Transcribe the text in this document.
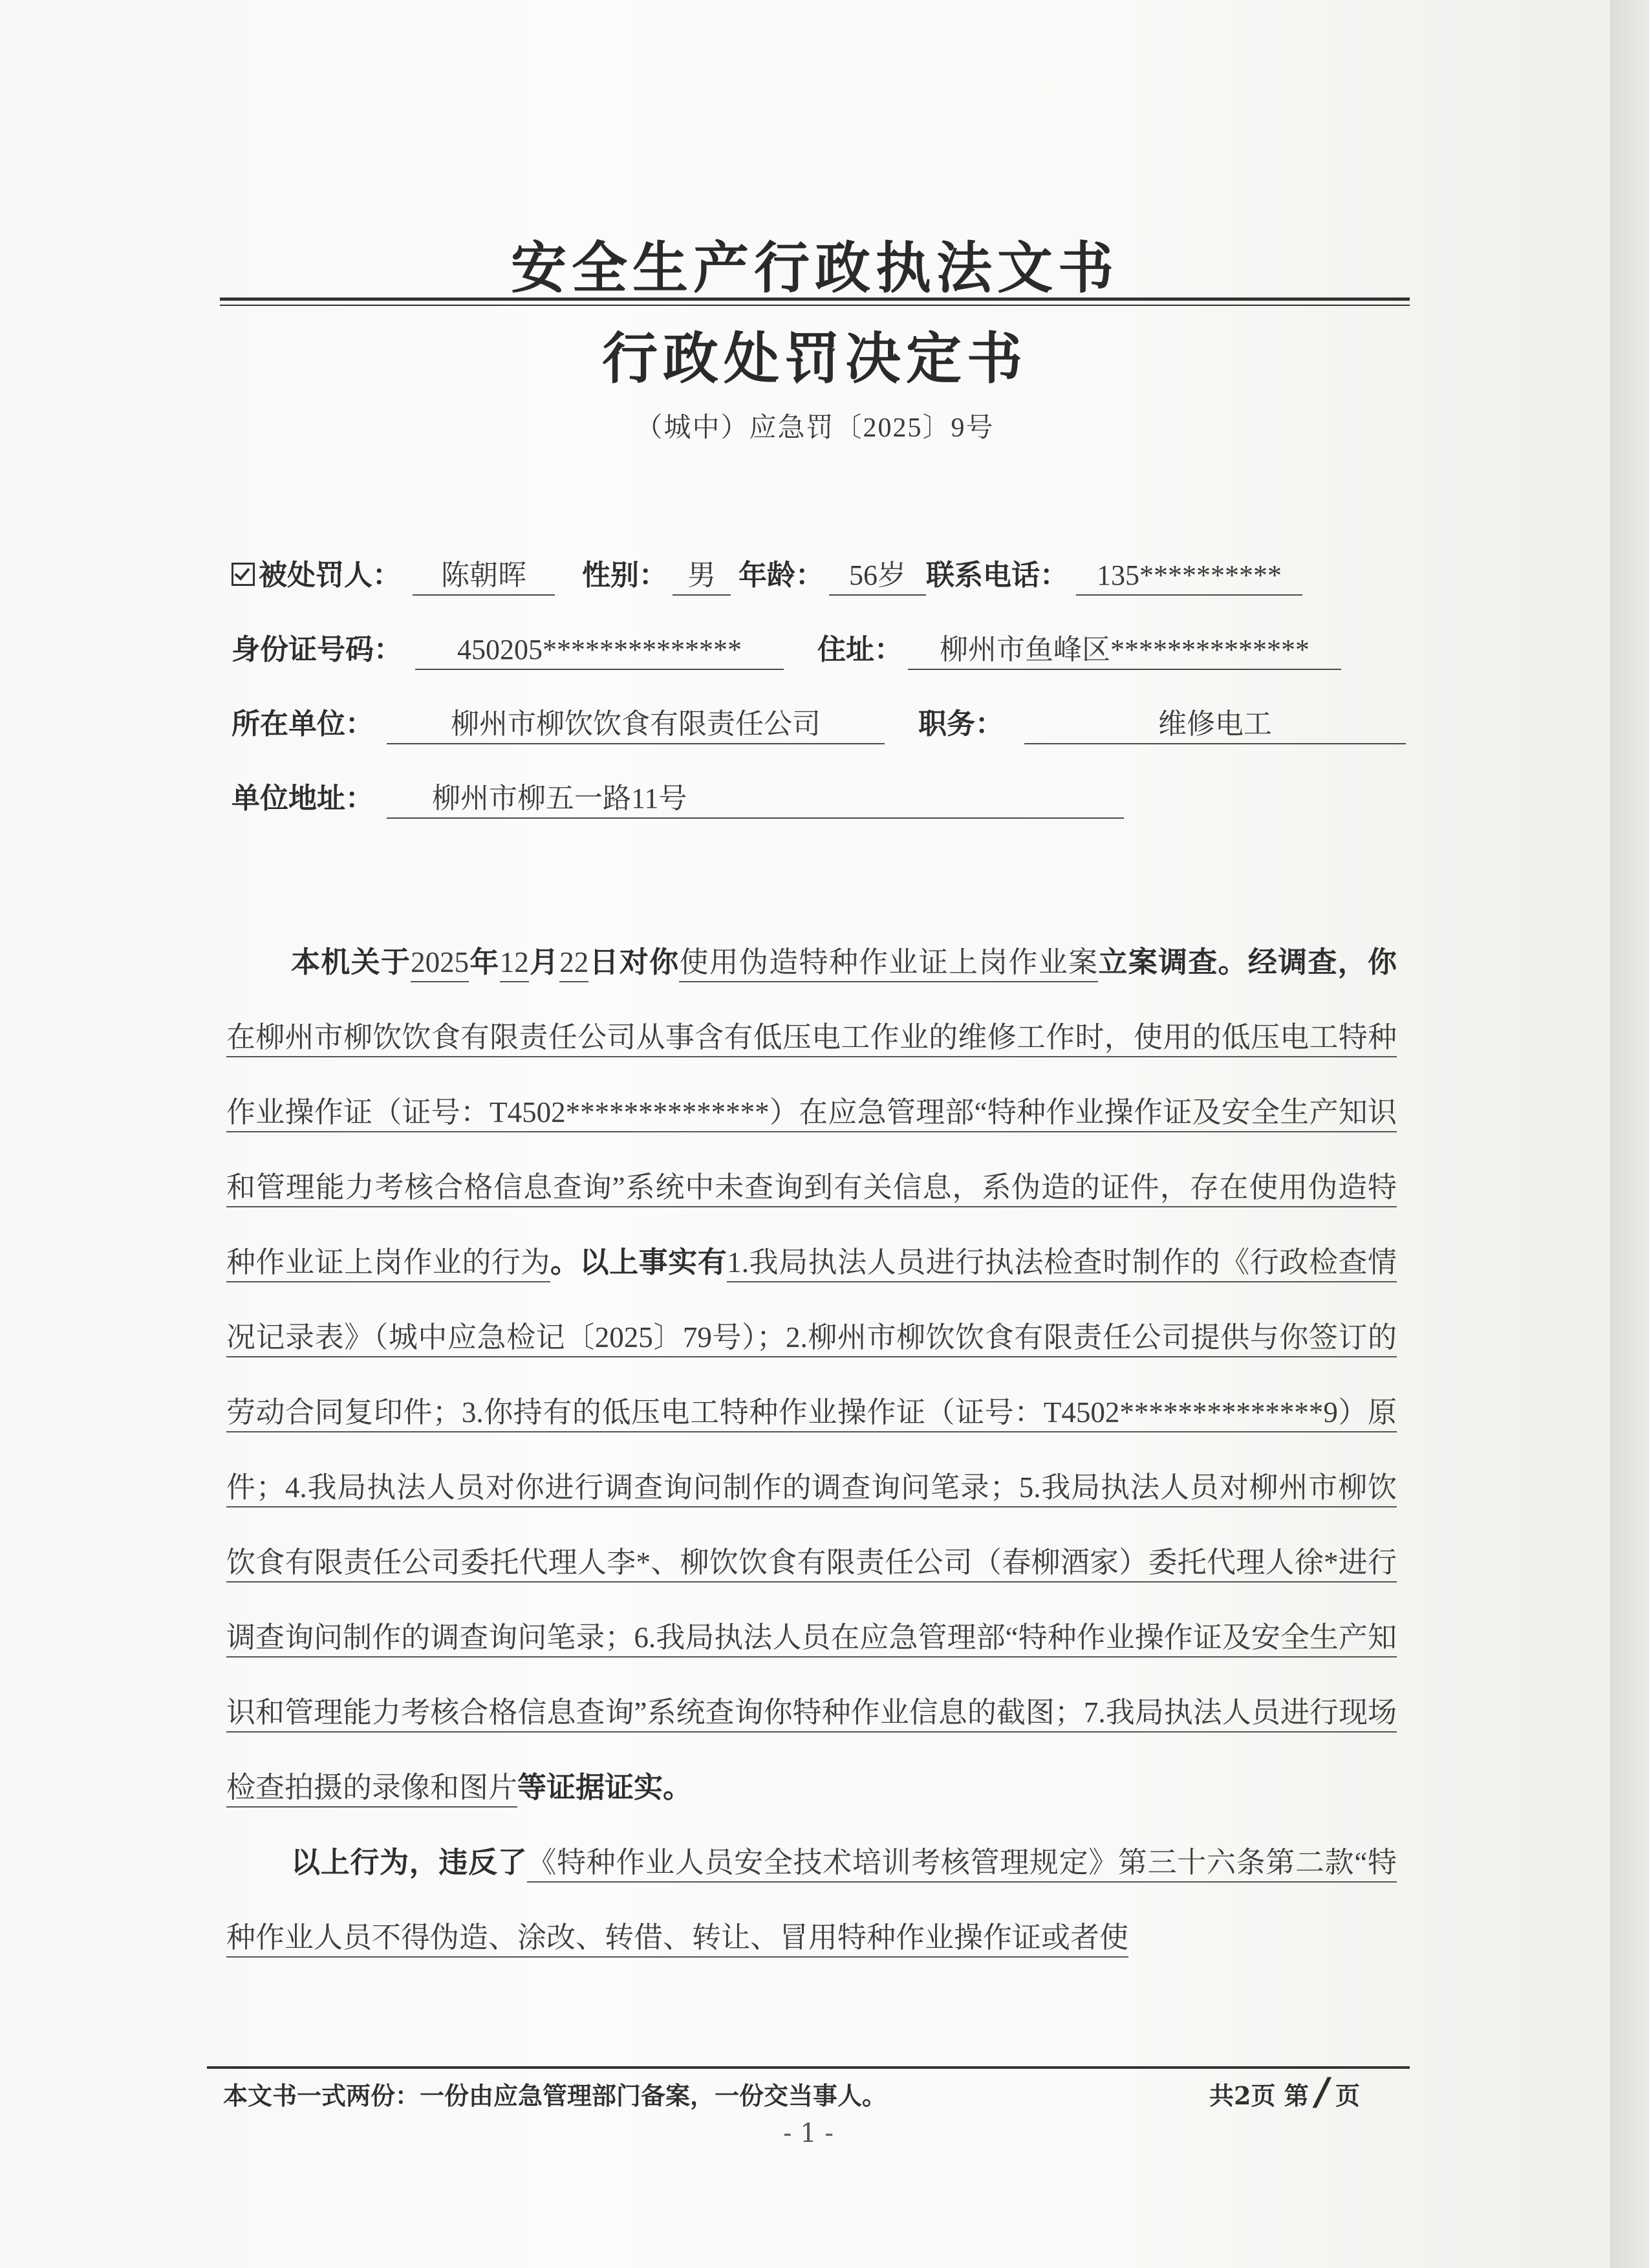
安全生产行政执法文书
行政处罚决定书
（城中）应急罚〔2025〕9号
被处罚人： 陈朝晖 性别： 男 年龄： 56岁 联系电话： 135**********
身份证号码： 450205**************	住址： 柳州市鱼峰区**************
所在单位：	柳州市柳饮饮食有限责任公司	职务：	维修电工
单位地址： 柳州市柳五一路11号

本机关于2025年12月22日对你使用伪造特种作业证上岗作业案立案调查。经调查，你在柳州市柳饮饮食有限责任公司从事含有低压电工作业的维修工作时，使用的低压电工特种作业操作证（证号：T4502**************）在应急管理部“特种作业操作证及安全生产知识和管理能力考核合格信息查询”系统中未查询到有关信息，系伪造的证件，存在使用伪造特种作业证上岗作业的行为。以上事实有1.我局执法人员进行执法检查时制作的《行政检查情况记录表》（城中应急检记〔2025〕79号）；2.柳州市柳饮饮食有限责任公司提供与你签订的劳动合同复印件；3.你持有的低压电工特种作业操作证（证号：T4502**************9）原件；4.我局执法人员对你进行调查询问制作的调查询问笔录；5.我局执法人员对柳州市柳饮饮食有限责任公司委托代理人李*、柳饮饮食有限责任公司（春柳酒家）委托代理人徐*进行调查询问制作的调查询问笔录；6.我局执法人员在应急管理部“特种作业操作证及安全生产知识和管理能力考核合格信息查询”系统查询你特种作业信息的截图；7.我局执法人员进行现场检查拍摄的录像和图片等证据证实。

以上行为，违反了《特种作业人员安全技术培训考核管理规定》第三十六条第二款“特种作业人员不得伪造、涂改、转借、转让、冒用特种作业操作证或者使

本文书一式两份：一份由应急管理部门备案，一份交当事人。	共2页 第/ 页
- 1 -
